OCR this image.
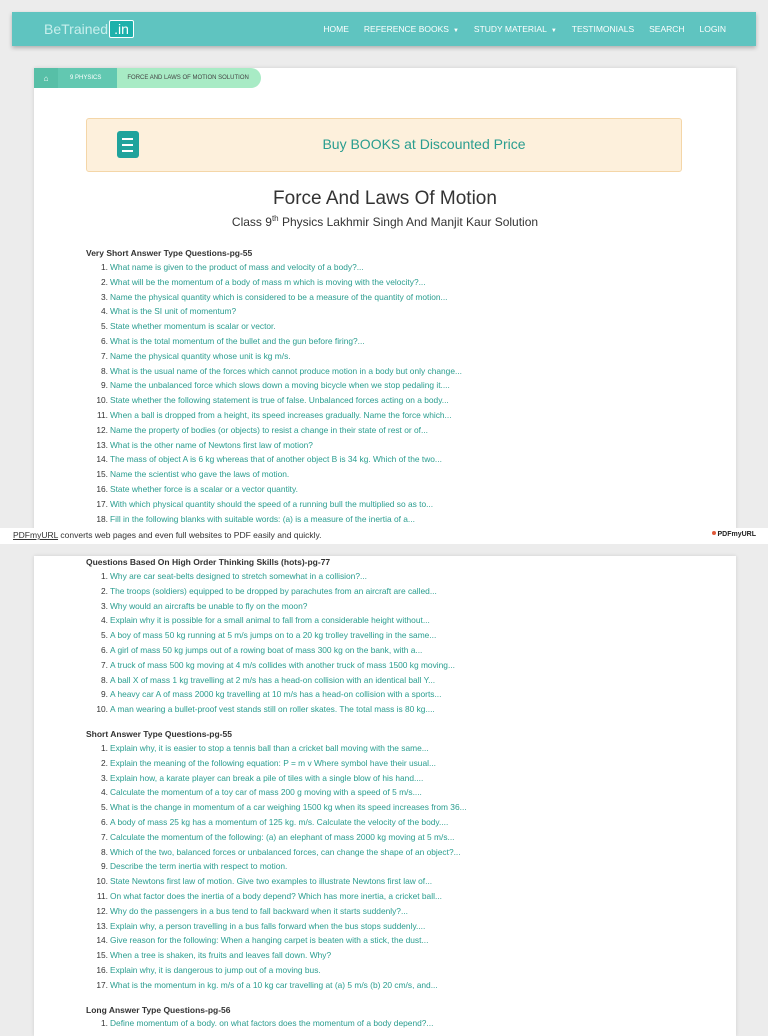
BeTrained .in	HOME REFERENCE BOOKS ▼ STUDY MATERIAL ▼ TESTIMONIALS SEARCH LOGIN
⌂	9 PHYSICS	FORCE AND LAWS OF MOTION SOLUTION
Buy BOOKS at Discounted Price
Force And Laws Of Motion
Class 9th Physics Lakhmir Singh And Manjit Kaur Solution
Very Short Answer Type Questions-pg-55
1. What name is given to the product of mass and velocity of a body?...
2. What will be the momentum of a body of mass m which is moving with the velocity?...
3. Name the physical quantity which is considered to be a measure of the quantity of motion...
4. What is the SI unit of momentum?
5. State whether momentum is scalar or vector.
6. What is the total momentum of the bullet and the gun before firing?...
7. Name the physical quantity whose unit is kg m/s.
8. What is the usual name of the forces which cannot produce motion in a body but only change...
9. Name the unbalanced force which slows down a moving bicycle when we stop pedaling it....
10. State whether the following statement is true of false. Unbalanced forces acting on a body...
11. When a ball is dropped from a height, its speed increases gradually. Name the force which...
12. Name the property of bodies (or objects) to resist a change in their state of rest or of...
13. What is the other name of Newtons first law of motion?
14. The mass of object A is 6 kg whereas that of another object B is 34 kg. Which of the two...
15. Name the scientist who gave the laws of motion.
16. State whether force is a scalar or a vector quantity.
17. With which physical quantity should the speed of a running bull the multiplied so as to...
18. Fill in the following blanks with suitable words: (a) is a measure of the inertia of a...
Questions Based On High Order Thinking Skills (hots)-pg-77
1. Why are car seat-belts designed to stretch somewhat in a collision?...
2. The troops (soldiers) equipped to be dropped by parachutes from an aircraft are called...
3. Why would an aircrafts be unable to fly on the moon?
4. Explain why it is possible for a small animal to fall from a considerable height without...
5. A boy of mass 50 kg running at 5 m/s jumps on to a 20 kg trolley travelling in the same...
6. A girl of mass 50 kg jumps out of a rowing boat of mass 300 kg on the bank, with a...
7. A truck of mass 500 kg moving at 4 m/s collides with another truck of mass 1500 kg moving...
8. A ball X of mass 1 kg travelling at 2 m/s has a head-on collision with an identical ball Y...
9. A heavy car A of mass 2000 kg travelling at 10 m/s has a head-on collision with a sports...
10. A man wearing a bullet-proof vest stands still on roller skates. The total mass is 80 kg....
Short Answer Type Questions-pg-55
1. Explain why, it is easier to stop a tennis ball than a cricket ball moving with the same...
2. Explain the meaning of the following equation: P = m v Where symbol have their usual...
3. Explain how, a karate player can break a pile of tiles with a single blow of his hand....
4. Calculate the momentum of a toy car of mass 200 g moving with a speed of 5 m/s....
5. What is the change in momentum of a car weighing 1500 kg when its speed increases from 36...
6. A body of mass 25 kg has a momentum of 125 kg. m/s. Calculate the velocity of the body....
7. Calculate the momentum of the following: (a) an elephant of mass 2000 kg moving at 5 m/s...
8. Which of the two, balanced forces or unbalanced forces, can change the shape of an object?...
9. Describe the term inertia with respect to motion.
10. State Newtons first law of motion. Give two examples to illustrate Newtons first law of...
11. On what factor does the inertia of a body depend? Which has more inertia, a cricket ball...
12. Why do the passengers in a bus tend to fall backward when it starts suddenly?...
13. Explain why, a person travelling in a bus falls forward when the bus stops suddenly....
14. Give reason for the following: When a hanging carpet is beaten with a stick, the dust...
15. When a tree is shaken, its fruits and leaves fall down. Why?
16. Explain why, it is dangerous to jump out of a moving bus.
17. What is the momentum in kg. m/s of a 10 kg car travelling at (a) 5 m/s (b) 20 cm/s, and...
Long Answer Type Questions-pg-56
1. Define momentum of a body. on what factors does the momentum of a body depend?...
PDFmyURL converts web pages and even full websites to PDF easily and quickly.	PDFmyURL
